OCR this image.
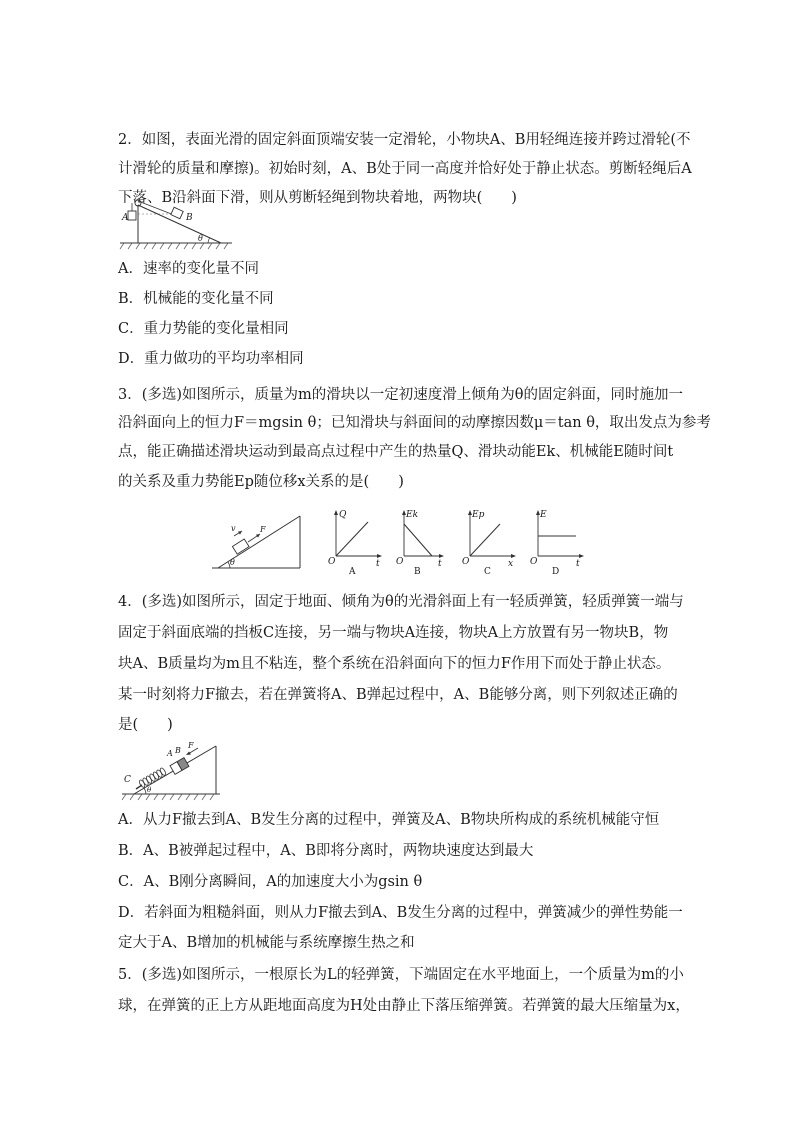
2．如图，表面光滑的固定斜面顶端安装一定滑轮，小物块A、B用轻绳连接并跨过滑轮(不
计滑轮的质量和摩擦)。初始时刻，A、B处于同一高度并恰好处于静止状态。剪断轻绳后A
下落、B沿斜面下滑，则从剪断轻绳到物块着地，两物块(　　)
A	B
θ
A．速率的变化量不同
B．机械能的变化量不同
C．重力势能的变化量相同
D．重力做功的平均功率相同
3．(多选)如图所示，质量为m的滑块以一定初速度滑上倾角为θ的固定斜面，同时施加一
沿斜面向上的恒力F＝mgsin θ；已知滑块与斜面间的动摩擦因数μ＝tan θ，取出发点为参考
点，能正确描述滑块运动到最高点过程中产生的热量Q、滑块动能Ek、机械能E随时间t
的关系及重力势能Ep随位移x关系的是(　　)
v	F
θ
Q
O	t
A
Ek
O	t
B
Ep
O	x
C
E
O	t
D
4．(多选)如图所示，固定于地面、倾角为θ的光滑斜面上有一轻质弹簧，轻质弹簧一端与
固定于斜面底端的挡板C连接，另一端与物块A连接，物块A上方放置有另一物块B，物
块A、B质量均为m且不粘连，整个系统在沿斜面向下的恒力F作用下而处于静止状态。
某一时刻将力F撤去，若在弹簧将A、B弹起过程中，A、B能够分离，则下列叙述正确的
是(　　)
C
A B
F
θ
A．从力F撤去到A、B发生分离的过程中，弹簧及A、B物块所构成的系统机械能守恒
B．A、B被弹起过程中，A、B即将分离时，两物块速度达到最大
C．A、B刚分离瞬间，A的加速度大小为gsin θ
D．若斜面为粗糙斜面，则从力F撤去到A、B发生分离的过程中，弹簧减少的弹性势能一
定大于A、B增加的机械能与系统摩擦生热之和
5．(多选)如图所示，一根原长为L的轻弹簧，下端固定在水平地面上，一个质量为m的小
球，在弹簧的正上方从距地面高度为H处由静止下落压缩弹簧。若弹簧的最大压缩量为x，
